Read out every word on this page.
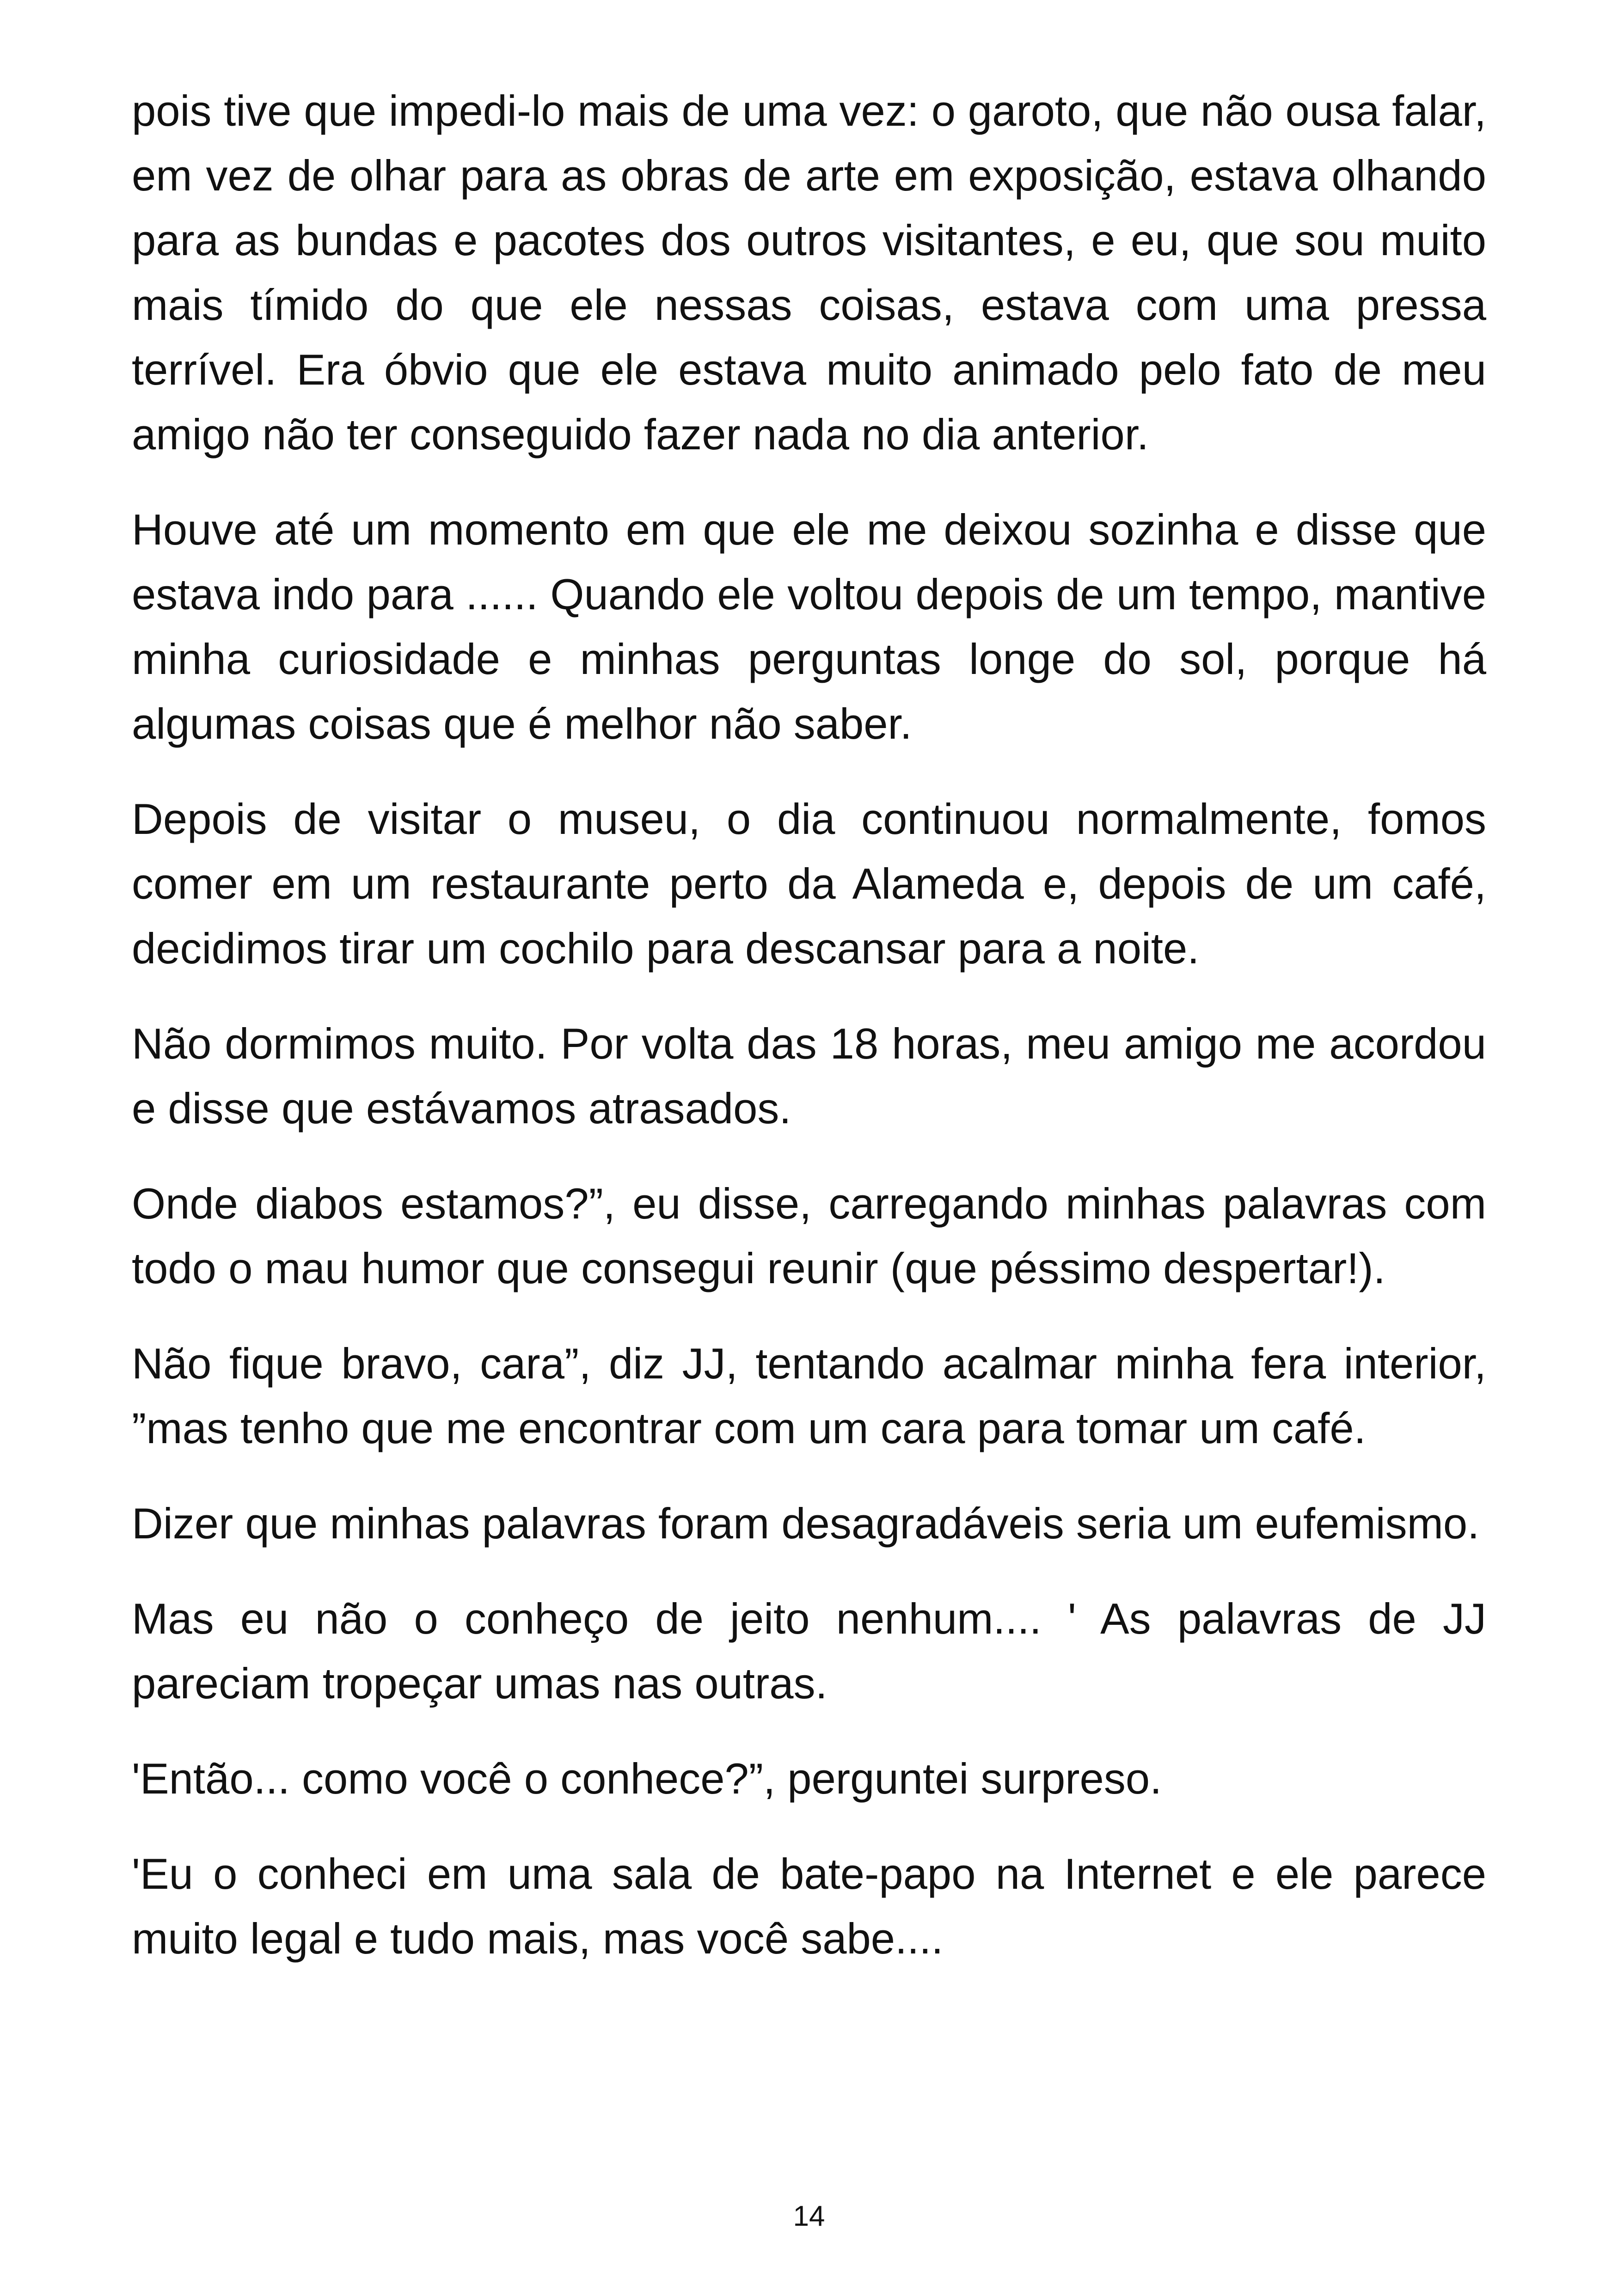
pois tive que impedi-lo mais de uma vez: o garoto, que não ousa falar, em vez de olhar para as obras de arte em exposição, estava olhando para as bundas e pacotes dos outros visitantes, e eu, que sou muito mais tímido do que ele nessas coisas, estava com uma pressa terrível. Era óbvio que ele estava muito animado pelo fato de meu amigo não ter conseguido fazer nada no dia anterior.

Houve até um momento em que ele me deixou sozinha e disse que estava indo para ...... Quando ele voltou depois de um tempo, mantive minha curiosidade e minhas perguntas longe do sol, porque há algumas coisas que é melhor não saber.

Depois de visitar o museu, o dia continuou normalmente, fomos comer em um restaurante perto da Alameda e, depois de um café, decidimos tirar um cochilo para descansar para a noite.

Não dormimos muito. Por volta das 18 horas, meu amigo me acordou e disse que estávamos atrasados.

Onde diabos estamos?”, eu disse, carregando minhas palavras com todo o mau humor que consegui reunir (que péssimo despertar!).

Não fique bravo, cara”, diz JJ, tentando acalmar minha fera interior, ”mas tenho que me encontrar com um cara para tomar um café.

Dizer que minhas palavras foram desagradáveis seria um eufemismo.

Mas eu não o conheço de jeito nenhum.... ' As palavras de JJ pareciam tropeçar umas nas outras.

'Então... como você o conhece?”, perguntei surpreso.

'Eu o conheci em uma sala de bate-papo na Internet e ele parece muito legal e tudo mais, mas você sabe....

14
